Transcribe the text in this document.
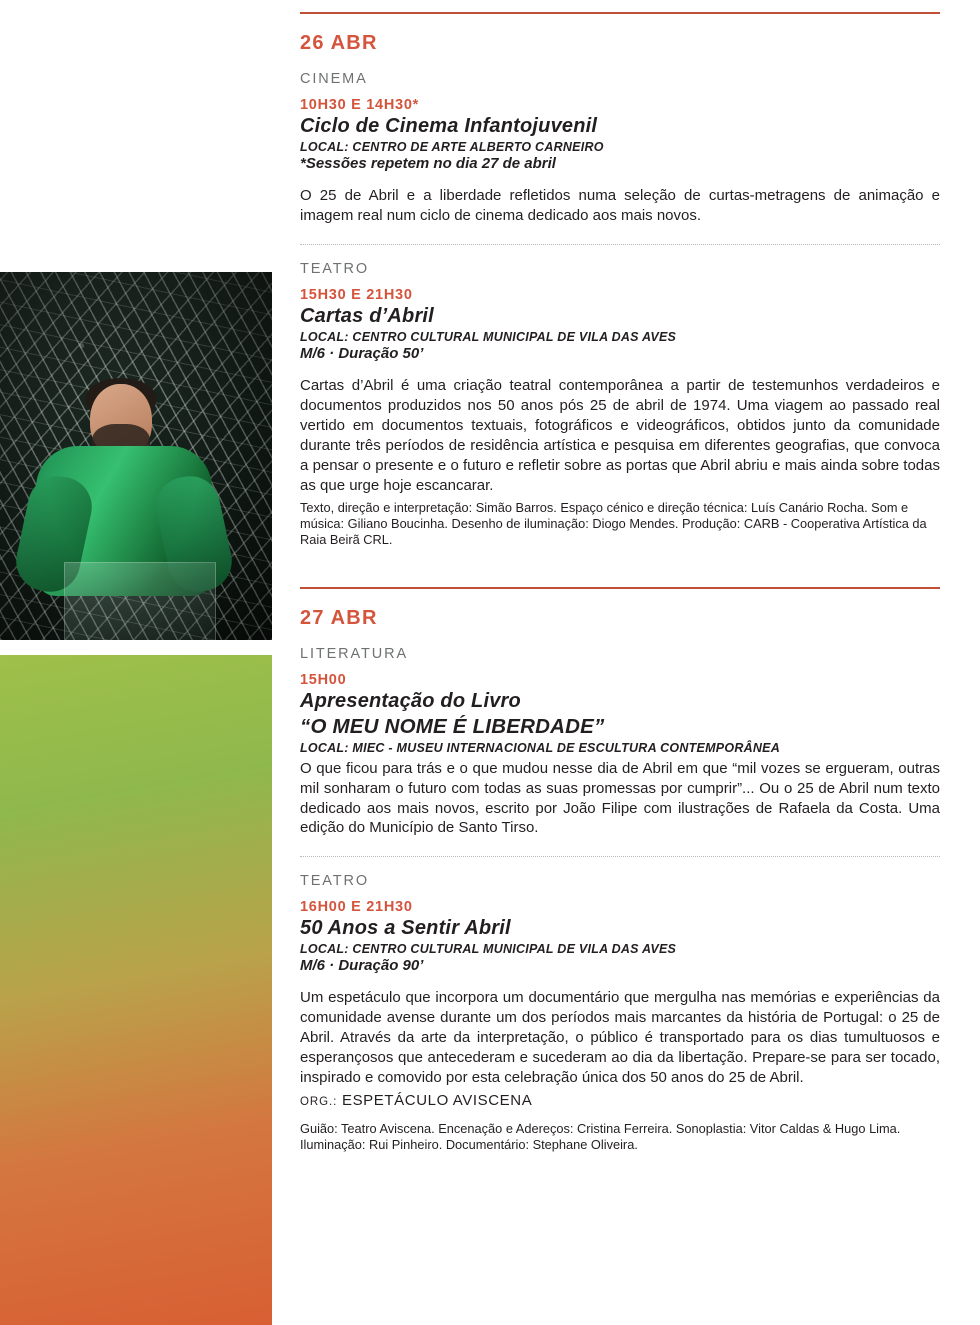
26 ABR
CINEMA
10H30 E 14H30*
Ciclo de Cinema Infantojuvenil
LOCAL: CENTRO DE ARTE ALBERTO CARNEIRO
*Sessões repetem no dia 27 de abril
O 25 de Abril e a liberdade refletidos numa seleção de curtas-metragens de animação e imagem real num ciclo de cinema dedicado aos mais novos.
TEATRO
15H30 E 21H30
Cartas d’Abril
LOCAL: CENTRO CULTURAL MUNICIPAL DE VILA DAS AVES
M/6 · Duração 50’
Cartas d’Abril é uma criação teatral contemporânea a partir de testemunhos verdadeiros e documentos produzidos nos 50 anos pós 25 de abril de 1974. Uma viagem ao passado real vertido em documentos textuais, fotográficos e videográficos, obtidos junto da comunidade durante três períodos de residência artística e pesquisa em diferentes geografias, que convoca a pensar o presente e o futuro e refletir sobre as portas que Abril abriu e mais ainda sobre todas as que urge hoje escancarar.
Texto, direção e interpretação: Simão Barros. Espaço cénico e direção técnica: Luís Canário Rocha. Som e música: Giliano Boucinha. Desenho de iluminação: Diogo Mendes. Produção: CARB - Cooperativa Artística da Raia Beirã CRL.
27 ABR
LITERATURA
15H00
Apresentação do Livro
“O MEU NOME É LIBERDADE”
LOCAL: MIEC - MUSEU INTERNACIONAL DE ESCULTURA CONTEMPORÂNEA
O que ficou para trás e o que mudou nesse dia de Abril em que “mil vozes se ergueram, outras mil sonharam o futuro com todas as suas promessas por cumprir”... Ou o 25 de Abril num texto dedicado aos mais novos, escrito por João Filipe com ilustrações de Rafaela da Costa. Uma edição do Município de Santo Tirso.
TEATRO
16H00 E 21H30
50 Anos a Sentir Abril
LOCAL: CENTRO CULTURAL MUNICIPAL DE VILA DAS AVES
M/6 · Duração 90’
Um espetáculo que incorpora um documentário que mergulha nas memórias e experiências da comunidade avense durante um dos períodos mais marcantes da história de Portugal: o 25 de Abril. Através da arte da interpretação, o público é transportado para os dias tumultuosos e esperançosos que antecederam e sucederam ao dia da libertação. Prepare-se para ser tocado, inspirado e comovido por esta celebração única dos 50 anos do 25 de Abril.
ORG.: ESPETÁCULO AVISCENA
Guião: Teatro Aviscena. Encenação e Adereços: Cristina Ferreira. Sonoplastia: Vitor Caldas & Hugo Lima. Iluminação: Rui Pinheiro. Documentário: Stephane Oliveira.
